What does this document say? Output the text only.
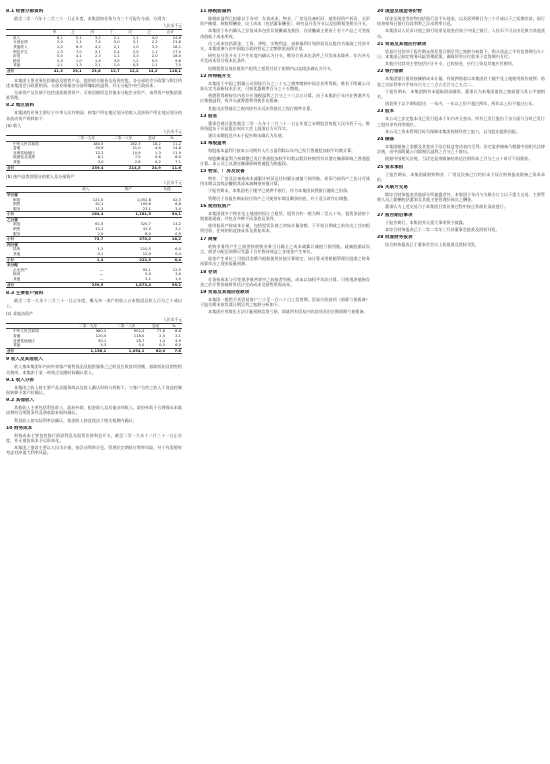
8.1 经营分部资料
截至二零一九年十二月三十一日止年度，本集团按业务分为三个可报告分部，分别为：
人民币千元
	甲	乙	丙	丁	戊	己	合计
收入	8,1	5,1	3,2	2,1	1,1	4,0	24,6
分部业绩	2,0	1,1	7,4	5,0	3,1	2,2	21,8
其他收入	1,2	6,3	4,2	2,1	1,0	3,3	18,1
利息开支	1,3	7,0	3,1	2,4	2,0	1,1	17,0
折旧	5,0	4,1	2,3	1,1	3,3	2,0	18,0
税项	2,5	1,0	1,4	3,0	1,2	0,5	9,6
其他	1,1	1,3	2,1	1,0	0,5	1,1	7,0
合计	41,3	25,1	23,6	12,7	12,2	14,2	116,1
本集团主要业务包括制造及销售产品、提供相关服务及投资控股。各分部的会计政策与附注所述本集团会计政策相同。分部业绩指各分部所赚取的溢利，并无分配中央行政成本。
分部资产及负债不包括递延税项资产、可收回税项及其他未分配企业资产，该等资产按集团基准管理。
8.2 地区资料
本集团的业务主要位于中华人民共和国。按客户所在地区划分的收入及按资产所在地区划分的非流动资产资料如下：
(a) 收入
人民币千元
	二零一九年	二零一八年	变动	%
中华人民共和国	180,5	162,3	18,2	11.2
香港	35,6	31,0	4,6	14.8
亚洲其他地区	12,2	10,9	1,3	11.9
欧洲及北美洲	8,1	7,5	0,6	8.0
其他	3,0	2,8	0,2	7.1
合计	239,4	214,5	24,9	11.6
(b) 按产品类别划分的收入及分部资产
人民币千元
	收入	资产	负债
甲分部			
制造	121,0	1,052,8	42,3
销售	32,1	105,6	8,8
服务	11,3	23,1	3,0
小计	164,4	1,181,5	54,1
乙分部			
制造	61,5	320,7	14,2
销售	10,2	41,5	3,1
服务	2,0	8,0	0,9
小计	73,7	370,2	18,2
丙分部			
投资	1,3	210,5	6,0
其他	0,1	12,0	0,4
小计	1,4	222,5	6,4
未分配			
企业资产	—	92,1	12,5
税项	—	5,0	3,0
其他	—	2,1	1,0
合计	239,5	1,873,4	95,2
8.3 主要客户资料
截至二零一九年十二月三十一日止年度，概无单一客户的收入占本集团总收入百分之十或以上。
(c) 非流动资产
人民币千元
	二零一九年	二零一八年	变动	%
中华人民共和国	980,2	902,4	77,8	8.6
香港	120,5	118,0	2,5	2.1
亚洲其他地区	30,1	28,7	1,4	4.9
其他	5,3	5,0	0,3	6.0
合计	1,136,1	1,054,1	82,0	7.8
9 收入及其他收入
收入指本集团年内向外界客户销售货品及提供服务之已收及应收款项净额，扣除折扣及销售相关税项。本集团于某一时间点及随时间确认收入。
9.1 收入分拆
本集团之收入按主要产品及服务线以及收入确认时间分拆如下。与客户合约之收入于货品控制权转移予客户时确认。
9.2 其他收入
其他收入主要包括利息收入、政府补助、租金收入及其他杂项收入。政府补助于合理保证本集团将符合所附条件及将收取补助时确认。
利息收入按实际利率法确认。租金收入按直线法于相关租期内确认。
10 财务成本
财务成本主要包括银行借款利息及租赁负债利息开支。截至二零一九年十二月三十一日止年度，并无借款成本予以资本化。
本集团之借款主要以人民币计值，按浮动利率计息。管理层定期检讨利率风险，并于有需要时考虑对冲重大利率风险。
11 除税前溢利
除税前溢利已扣除以下各项：存货成本、物业、厂房及设备折旧、使用权资产折旧、无形资产摊销、核数师酬金、员工成本（包括董事酬金）、研究及开发开支以及短期租赁相关开支。
本集团于年内确认之存货成本包括存货撇减及拨回。存货撇减主要由于若干产品之可变现净值低于成本所致。
员工成本包括薪金、工资、津贴、实物利益、退休福利计划供款及以股份为基础之付款开支。本集团参与由中国地方政府营运之定额供款退休计划。
研究及开发开支于产生年度内确认为开支，惟符合资本化条件之开发成本除外。年内并无开发成本符合资本化条件。
短期租赁及低价值资产租赁之租赁付款于租期内以直线法确认为开支。
12 所得税开支
本集团于中国之附属公司须按百分之二十五之税率缴纳中国企业所得税，惟若干附属公司获认定为高新技术企业，可按优惠税率百分之十五缴税。
香港利得税按年内估计应课税溢利之百分之十六点五计算。由于本集团于年内在香港并无应课税溢利，故并无就香港利得税作出拨备。
其他司法管辖区之税项按有关司法管辖区之现行税率计算。
13 股息
董事会建议派发截至二零一九年十二月三十一日止年度之末期股息每股人民币若干元，惟须待股东于应届股东周年大会上批准后方可作实。
建议末期股息并未于报告期末确认为负债。
14 每股盈利
每股基本盈利乃按本公司拥有人应占溢利除以年内已发行普通股加权平均数计算。
每股摊薄盈利乃按调整已发行普通股加权平均数以假设转换所有具潜在摊薄影响之普通股计算。本公司之具潜在摊薄影响普通股为购股权。
15 物业、厂房及设备
物业、厂房及设备按成本减累计折旧及任何累计减值亏损列账。折旧乃按资产之估计可使用年期以直线法撇销其成本减剩余价值计算。
于报告期末，本集团若干楼宇已抵押予银行，作为本集团获授银行融资之担保。
管理层于各报告期末检讨资产之可使用年期及剩余价值，并于适当时作出调整。
16 使用权资产
本集团就多个物业及土地使用权订立租赁。租赁合约一般为期二至五十年。租赁条款按个别基准磋商，并包含多种不同条款及条件。
使用权资产按成本计量，包括租赁负债之初始计量金额、于开始日期或之前作出之任何租赁付款、任何初始直接成本及恢复成本。
17 商誉
收购业务所产生之商誉按收购业务当日确立之成本减累计减值亏损列账。就减值测试而言，商誉分配至预期可受惠于合并协同效益之各现金产生单位。
现金产生单位之可收回金额乃根据使用价值计算厘定，该计算采用根据管理层批准之财务预算作出之现金流量预测。
18 存货
存货按成本与可变现净值两者中之较低者列账。成本以加权平均法计算。可变现净值指存货之估计售价减所有估计完成成本及销售所需成本。
19 贸易及其他应收款项
本集团一般给予其贸易客户三十至一百八十日之信贷期。贸易应收款项（扣除亏损拨备）于报告期末按发票日期呈列之账龄分析如下。
本集团应用简化方法计量预期信贷亏损，即就所有贸易应收款项采用全期预期亏损拨备。
20 现金及现金等价物
现金及现金等价物包括银行及手头现金，以及原到期日为三个月或以下之短期存款。银行结余按每日银行存款利率之浮动利率计息。
本集团以人民币计值之银行结余及现金存放于中国之银行。人民币不可自由兑换为其他货币。
21 贸易及其他应付款项
贸易应付款项于报告期末按发票日期呈列之账龄分析如下。购买货品之平均信贷期为九十日。本集团已制定财务风险管理政策，确保所有应付款项于信贷期内支付。
其他应付款项主要包括应计开支、已收按金、应付工资及其他应付税项。
22 银行借款
本集团银行借款按摊销成本计量。有抵押借款以本集团若干楼宇及土地使用权作抵押。借款之实际利率介乎每年百分之三点五至百分之五点二。
于报告期末，本集团拥有未提取借款融资。董事认为本集团借款之账面值与其公平值相若。
借款须于以下期间偿还：一年内、一年以上但不超过两年、两年以上但不超过五年。
23 股本
本公司之法定股本及已发行股本于年内并无变动。所有已发行股份于各方面与当时已发行之股份享有同等地位。
本公司之资本管理目标为保障本集团持续经营之能力，以为股东提供回报。
24 储备
本集团储备之金额及其变动于综合权益变动表内呈列。法定盈余储备乃根据中国相关法律法规，由中国附属公司除税后溢利之百分之十拨出。
根据中国相关法规，当法定盈余储备结余达注册资本之百分之五十时可不再拨款。
25 资本承担
于报告期末，本集团就收购物业、厂房及设备已订约但未于综合财务报表拨备之资本承担。
26 关联方交易
除综合财务报表其他部分所披露者外，本集团于年内与关联方订立以下重大交易。主要管理人员之薪酬包括董事及其他主要管理层成员之酬金。
董事认为上述交易乃于本集团日常业务过程中按正常商业条款进行。
27 报告期后事项
于报告期后，本集团并无重大事项须予披露。
本综合财务报表已于二零二零年三月获董事会批准及授权刊发。
28 批准财务报表
综合财务报表已于董事会会议上获批准及授权刊发。
